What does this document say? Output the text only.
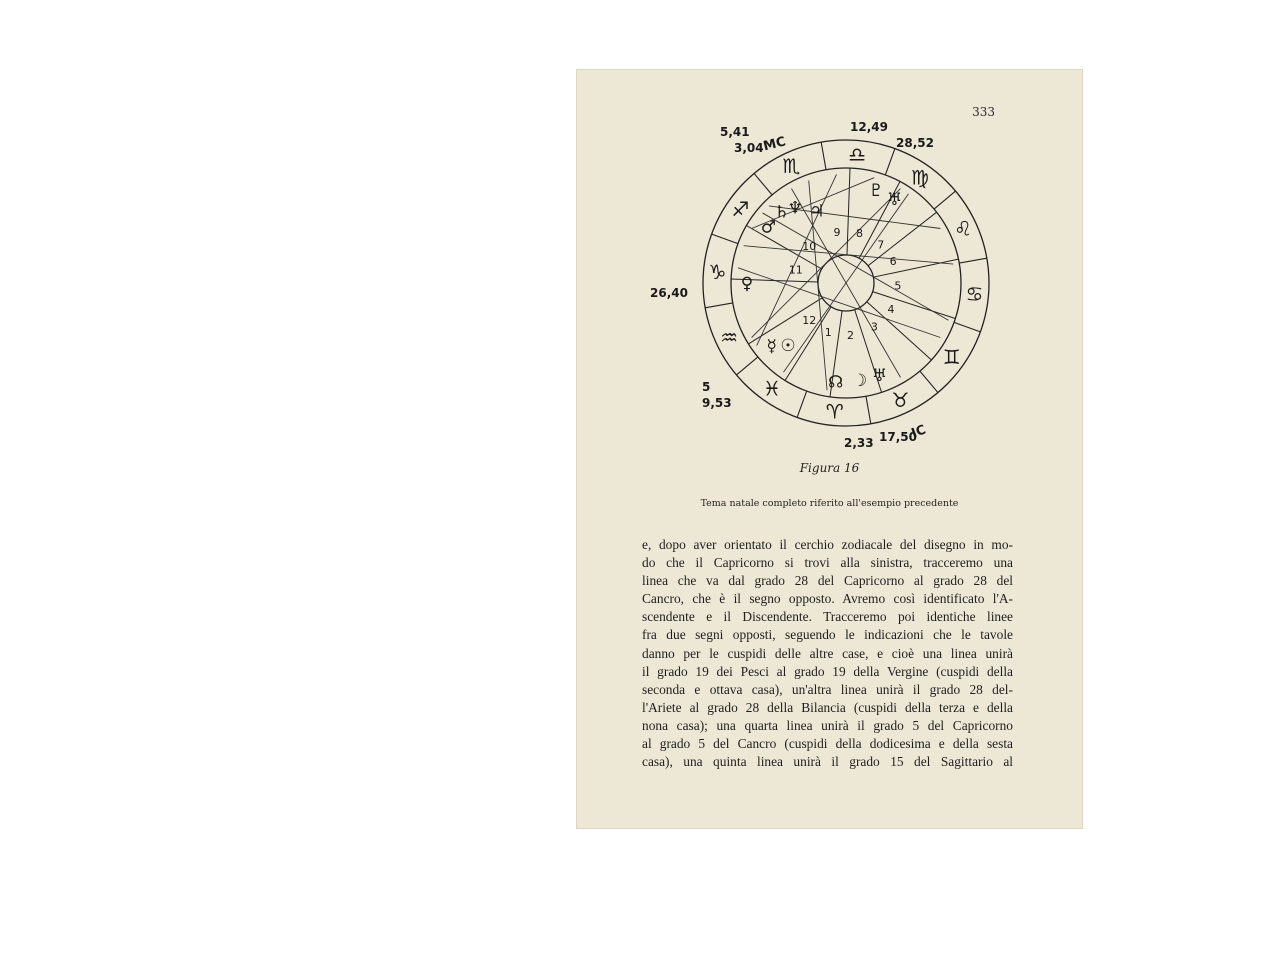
333
♏ ♎
♍
♌
♋
♊
♉
♈
♓
♒
♑
♐	♃
♄
♆
♂
♇
♀
☿ ☉
☽ ♅
☊
♅
9 8
7
6
5
4
3
2
1
12
11
10
5,41
3,04
MC
12,49
28,52
26,40
5
9,53
2,33 17,50
IC
Figura 16
Tema natale completo riferito all'esempio precedente
e, dopo aver orientato il cerchio zodiacale del disegno in mo-
do che il Capricorno si trovi alla sinistra, tracceremo una
linea che va dal grado 28 del Capricorno al grado 28 del
Cancro, che è il segno opposto. Avremo così identificato l'A-
scendente e il Discendente. Tracceremo poi identiche linee
fra due segni opposti, seguendo le indicazioni che le tavole
danno per le cuspidi delle altre case, e cioè una linea unirà
il grado 19 dei Pesci al grado 19 della Vergine (cuspidi della
seconda e ottava casa), un'altra linea unirà il grado 28 del-
l'Ariete al grado 28 della Bilancia (cuspidi della terza e della
nona casa); una quarta linea unirà il grado 5 del Capricorno
al grado 5 del Cancro (cuspidi della dodicesima e della sesta
casa), una quinta linea unirà il grado 15 del Sagittario al
